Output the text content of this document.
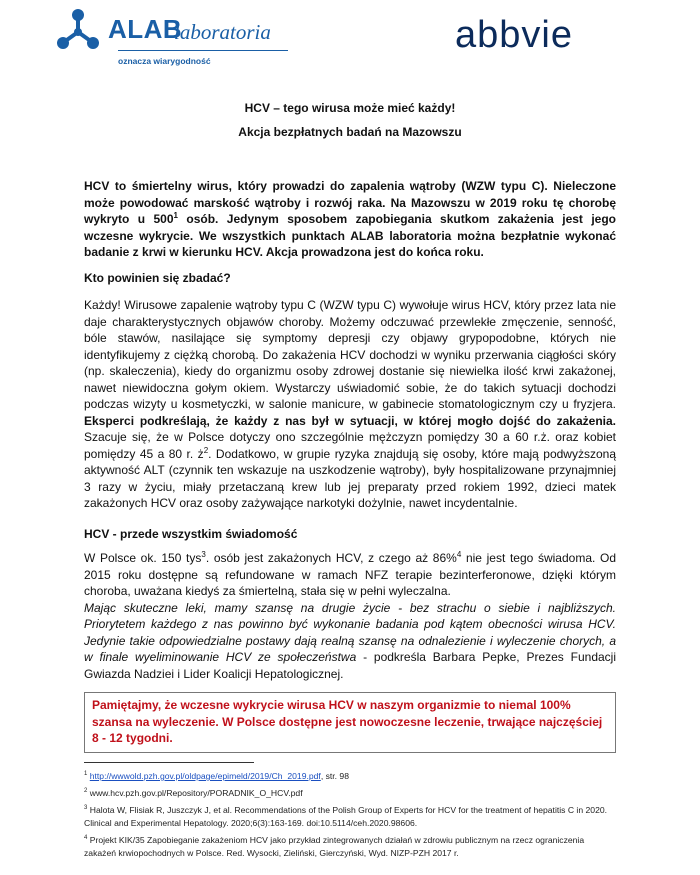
ALAB
laboratoria
oznacza wiarygodność
abbvie
HCV – tego wirusa może mieć każdy!
Akcja bezpłatnych badań na Mazowszu
HCV to śmiertelny wirus, który prowadzi do zapalenia wątroby (WZW typu C). Nieleczone może powodować marskość wątroby i rozwój raka. Na Mazowszu w 2019 roku tę chorobę wykryto u $500^1$ osób. Jedynym sposobem zapobiegania skutkom zakażenia jest jego wczesne wykrycie. We wszystkich punktach ALAB laboratoria można bezpłatnie wykonać badanie z krwi w kierunku HCV. Akcja prowadzona jest do końca roku.
Kto powinien się zbadać?
Każdy! Wirusowe zapalenie wątroby typu C (WZW typu C) wywołuje wirus HCV, który przez lata nie daje charakterystycznych objawów choroby. Możemy odczuwać przewlekłe zmęczenie, senność, bóle stawów, nasilające się symptomy depresji czy objawy grypopodobne, których nie identyfikujemy z ciężką chorobą. Do zakażenia HCV dochodzi w wyniku przerwania ciągłości skóry (np. skaleczenia), kiedy do organizmu osoby zdrowej dostanie się niewielka ilość krwi zakażonej, nawet niewidoczna gołym okiem. Wystarczy uświadomić sobie, że do takich sytuacji dochodzi podczas wizyty u kosmetyczki, w salonie manicure, w gabinecie stomatologicznym czy u fryzjera. Eksperci podkreślają, że każdy z nas był w sytuacji, w której mogło dojść do zakażenia. Szacuje się, że w Polsce dotyczy ono szczególnie mężczyzn pomiędzy 30 a 60 r.ż. oraz kobiet pomiędzy 45 a 80 r. $ż^2$. Dodatkowo, w grupie ryzyka znajdują się osoby, które mają podwyższoną aktywność ALT (czynnik ten wskazuje na uszkodzenie wątroby), były hospitalizowane przynajmniej 3 razy w życiu, miały przetaczaną krew lub jej preparaty przed rokiem 1992, dzieci matek zakażonych HCV oraz osoby zażywające narkotyki dożylnie, nawet incydentalnie.
HCV - przede wszystkim świadomość
W Polsce ok. 150 tys$^3$. osób jest zakażonych HCV, z czego aż 86%$^4$ nie jest tego świadoma. Od 2015 roku dostępne są refundowane w ramach NFZ terapie bezinterferonowe, dzięki którym choroba, uważana kiedyś za śmiertelną, stała się w pełni wyleczalna.
Mając skuteczne leki, mamy szansę na drugie życie - bez strachu o siebie i najbliższych. Priorytetem każdego z nas powinno być wykonanie badania pod kątem obecności wirusa HCV. Jedynie takie odpowiedzialne postawy dają realną szansę na odnalezienie i wyleczenie chorych, a w finale wyeliminowanie HCV ze społeczeństwa - podkreśla Barbara Pepke, Prezes Fundacji Gwiazda Nadziei i Lider Koalicji Hepatologicznej.
Pamiętajmy, że wczesne wykrycie wirusa HCV w naszym organizmie to niemal 100% szansa na wyleczenie. W Polsce dostępne jest nowoczesne leczenie, trwające najczęściej 8 - 12 tygodni.

$^1$ http://wwwold.pzh.gov.pl/oldpage/epimeld/2019/Ch_2019.pdf, str. 98

$^2$ www.hcv.pzh.gov.pl/Repository/PORADNIK_O_HCV.pdf

$^3$ Halota W, Flisiak R, Juszczyk J, et al. Recommendations of the Polish Group of Experts for HCV for the treatment of hepatitis C in 2020. Clinical and Experimental Hepatology. 2020;6(3):163-169. doi:10.5114/ceh.2020.98606.

$^4$ Projekt KIK/35 Zapobieganie zakażeniom HCV jako przykład zintegrowanych działań w zdrowiu publicznym na rzecz ograniczenia zakażeń krwiopochodnych w Polsce. Red. Wysocki, Zieliński, Gierczyński, Wyd. NIZP-PZH 2017 r.
